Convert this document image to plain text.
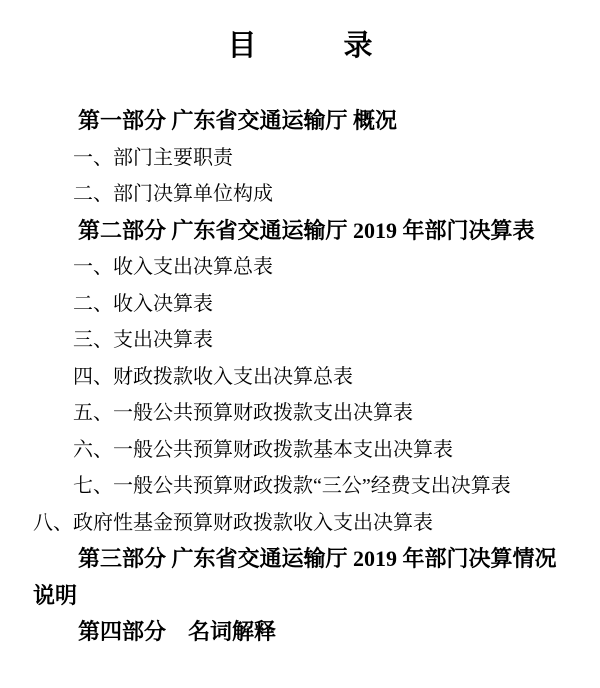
目　　　录
第一部分 广东省交通运输厅 概况
一、部门主要职责
二、部门决算单位构成
第二部分 广东省交通运输厅 2019 年部门决算表
一、收入支出决算总表
二、收入决算表
三、支出决算表
四、财政拨款收入支出决算总表
五、一般公共预算财政拨款支出决算表
六、一般公共预算财政拨款基本支出决算表
七、一般公共预算财政拨款“三公”经费支出决算表
八、政府性基金预算财政拨款收入支出决算表
第三部分 广东省交通运输厅 2019 年部门决算情况
说明
第四部分　名词解释
